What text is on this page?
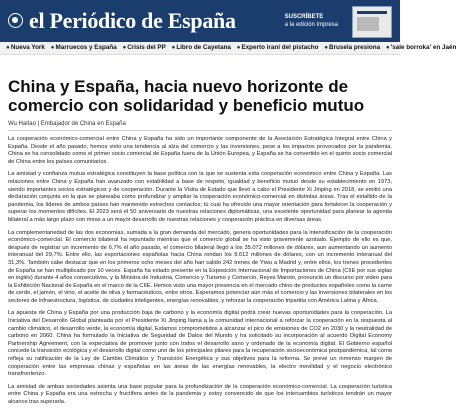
el Periódico de España	SUSCRÍBETE
a la edición impresa
●Nueva York ●Marruecos y España ●Crisis del PP ●Libro de Cayetana ●Experto iraní del pistacho ●Brusela presiona ●'sale borroka' en Jaén
China y España, hacia nuevo horizonte de comercio con solidaridad y beneficio mutuo
Wu Haitao | Embajador de China en España

La cooperación económico-comercial entre China y España ha sido un importante componente de la Asociación Estratégica Integral entre China y España. Desde el año pasado, hemos visto una tendencia al alza del comercio y las inversiones, pese a los impactos provocados por la pandemia. China se ha consolidado como el primer socio comercial de España fuera de la Unión Europea, y España se ha convertido en el quinto socio comercial de China entre los países comunitarios.

La amistad y confianza mutua estratégica constituyen la base política con la que se sustenta esta cooperación económico entre China y España. Las relaciones entre China y España han avanzado con estabilidad a base de respeto, igualdad y beneficio mutuo desde su establecimiento en 1973, siendo importantes socios estratégicos y de cooperación. Durante la Visita de Estado que llevó a cabo el Presidente Xi Jinping en 2018, se emitió una declaración conjunta en la que se planeaba como profundizar y ampliar la cooperación económico-comercial en distintas áreas. Tras el estallido de la pandemia, los líderes de ambos países han mantenido estrechos contactos; tú cual ha ofrecido una mayor orientación para fortalecer la cooperación y superar los momentos difíciles. El 2023 será el 50 aniversario de nuestras relaciones diplomáticas, una excelente oportunidad para planear la agenda bilateral a más largo plazo con miras a un mayor desarrollo de nuestras relaciones y cooperación práctica en diversas áreas.

La complementariedad de las dos economías, sumada a la gran demanda del mercado, genera oportunidades para la intensificación de la cooperación económico-comercial. El comercio bilateral ha repuntado mientras que el comercio global se ha visto gravemente azotado. Ejemplo de ello es que, después de registrar un incremento de 6,7% el año pasado, el comercio bilateral llegó a los 35.072 millones de dólares, aun aumentando un aumento interanual del 29,7%. Entre ello, las exportaciones españolas hacia China rondan los 9.612 millones de dólares, con un incremento interanual del 31,3%. También cabe destacar que en los primeros ocho meses del año han salido 242 trenes de Yiwu a Madrid y, entre ellos, los trenes procedentes de España se han multiplicado por 10 veces. España ha estado presente en la Exposición Internacional de Importaciones de China (CIIE por sus siglas en inglés) durante 4 años consecutivos, y la Ministra de Industria, Comercio y Turismo y Comercio, Reyes Maroto, pronunció un discurso por video para la Exhibición Nacional de España en el marco de la CIIE. Hemos visto una mayor presencia en el mercado chino de productos españoles como la carne de cerdo, el jamón, el vino, el aceite de oliva y farmacéuticos, entre otros. Esperamos potenciar aún más el comercio y las inversiones bilaterales en los sectores de infraestructura, logística, de ciudades inteligentes, energías renovables, y reforzar la cooperación tripartita con América Latina y África.

La apuesta de China y España por una producción baja de carbono y la economía digital podrá crear nuevas oportunidades para la cooperación. La Iniciativa del Desarrollo Global planteada por el Presidente Xi Jinping llama a la comunidad internacional a reforzar la cooperación en la respuesta al cambio climático, el desarrollo verde, la economía digital. Estamos comprometidos a alcanzar el pico de emisiones de CO2 en 2030 y la neutralidad de carbono en 2060. China ha formulado la Iniciativa de Seguridad de Datos del Mundo y ha solicitado su incorporación al acuerdo Digital Economy Partnership Agreement, con la expectativa de promover junto con todos el desarrollo sano y ordenado de la economía digital. El Gobierno español concede la transición ecológica y el desarrollo digital como uno de los principales pilares para la recuperación socioeconómica postpandémica, tal como refleja su ratificación de la Ley de Cambio Climático y Transición Energética y sus objetivos para la reforma. Se prevé un inmenso margen de cooperación entre las empresas chinas y españolas en las áreas de las energías renovables, la electro movilidad y el negocio electrónico transfronterizo.

La amistad de ambas sociedades asienta una base popular para la profundización de la cooperación económico-comercial. La cooperación turística entre China y España era una estrecha y fructífera antes de la pandemia y estoy convencido de que los intercambios turísticos tendrán un mayor alcance tras superarla.
